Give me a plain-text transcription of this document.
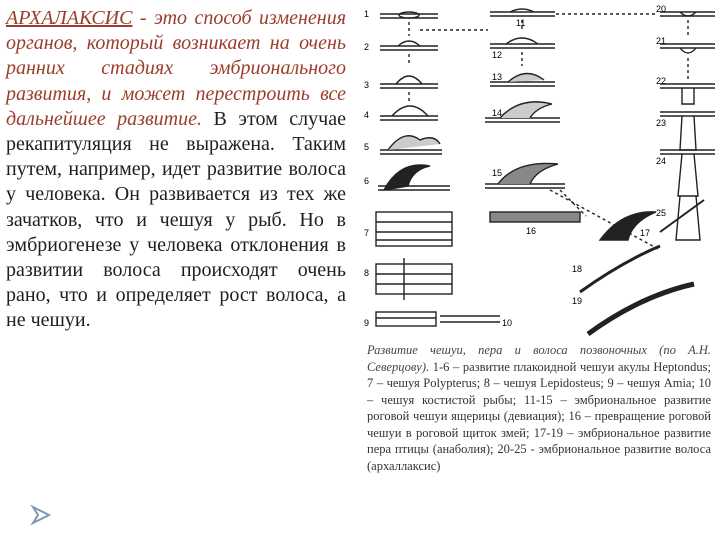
АРХАЛАКСИС - это способ изменения органов, который возникает на очень ранних стадиях эмбрионального развития, и может перестроить все дальнейшее развитие. В этом случае рекапитуляция не выражена. Таким путем, например, идет развитие волоса у человека. Он развивается из тех же зачатков, что и чешуя у рыб. Но в эмбриогенезе у человека отклонения в развитии волоса происходят очень рано, что и определяет рост волоса, а не чешуи.
1
2
3
4
5
6
7
8
9	10
11
12
13
14
15
16	17
18
19
20
21
22
23
24
25
Развитие чешуи, пера и волоса позвоночных (по А.Н. Северцову). 1-6 – развитие плакоидной чешуи акулы Heptondus; 7 – чешуя Polypterus; 8 – чешуя Lepidosteus; 9 – чешуя Amia; 10 – чешуя костистой рыбы; 11-15 – эмбриональное развитие роговой чешуи ящерицы (девиация); 16 – превращение роговой чешуи в роговой щиток змей; 17-19 – эмбриональное развитие пера птицы (анаболия); 20-25 - эмбриональное развитие волоса (архаллаксис)
